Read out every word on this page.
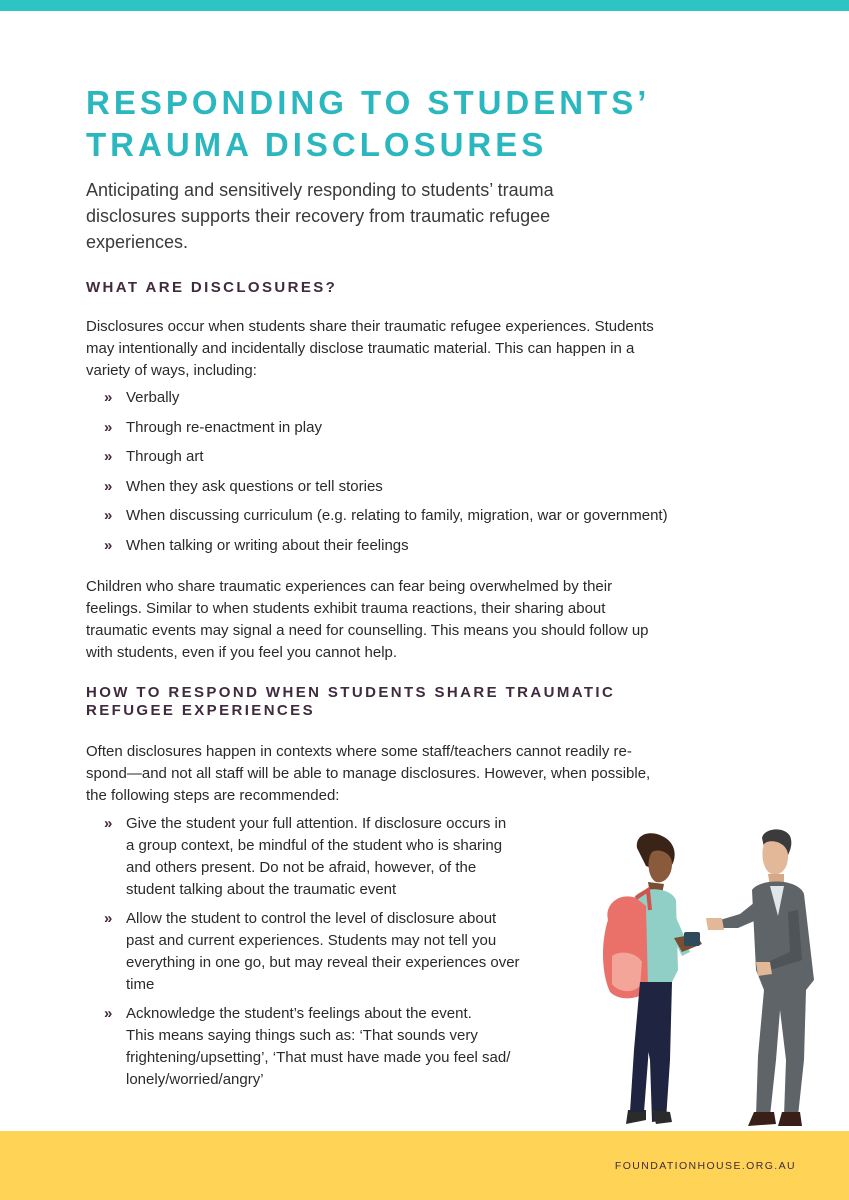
RESPONDING TO STUDENTS’
TRAUMA DISCLOSURES

Anticipating and sensitively responding to students’ trauma
disclosures supports their recovery from traumatic refugee
experiences.

WHAT ARE DISCLOSURES?

Disclosures occur when students share their traumatic refugee experiences. Students
may intentionally and incidentally disclose traumatic material. This can happen in a
variety of ways, including:

» Verbally
» Through re-enactment in play
» Through art
» When they ask questions or tell stories
» When discussing curriculum (e.g. relating to family, migration, war or government)
» When talking or writing about their feelings

Children who share traumatic experiences can fear being overwhelmed by their
feelings. Similar to when students exhibit trauma reactions, their sharing about
traumatic events may signal a need for counselling. This means you should follow up
with students, even if you feel you cannot help.

HOW TO RESPOND WHEN STUDENTS SHARE TRAUMATIC
REFUGEE EXPERIENCES

Often disclosures happen in contexts where some staff/teachers cannot readily re-
spond—and not all staff will be able to manage disclosures. However, when possible,
the following steps are recommended:

» Give the student your full attention. If disclosure occurs in
a group context, be mindful of the student who is sharing
and others present. Do not be afraid, however, of the
student talking about the traumatic event
» Allow the student to control the level of disclosure about
past and current experiences. Students may not tell you
everything in one go, but may reveal their experiences over
time
» Acknowledge the student’s feelings about the event.
This means saying things such as: ‘That sounds very
frightening/upsetting’, ‘That must have made you feel sad/
lonely/worried/angry’
FOUNDATIONHOUSE.ORG.AU
